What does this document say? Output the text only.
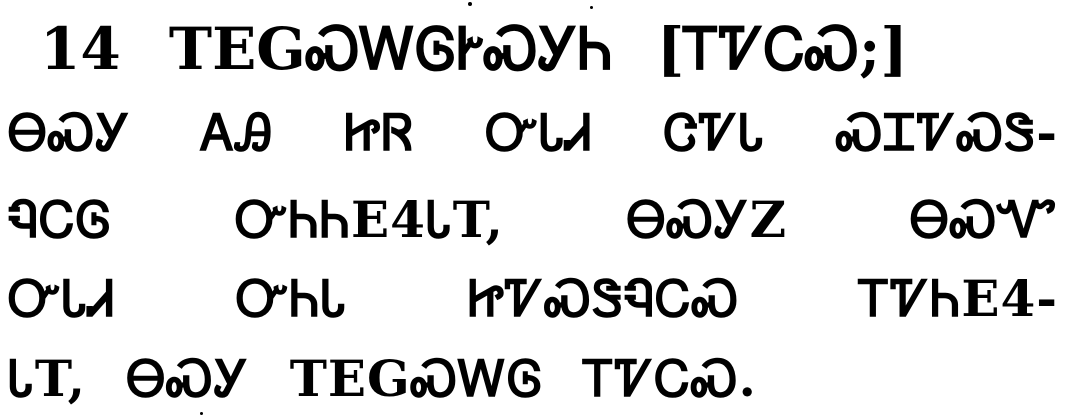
14 TEGᏍᎳᎶᎨᏍᎩᏂ [ᎢᏤᏟᏍ;]
ᎾᏍᎩ ᎪᎯ ᏥᏒ ᏅᏓᏗ ᏣᏤᏓ ᏍᏆᏤᏍᏕ-
ᏄᏟᎶ ᏅᏂᏂE4ᏓT, ᎾᏍᎩZ ᎾᏍᏉ
ᏅᏓᏗ ᏅᏂᏓ ᏥᏤᏍᏕᏄᏟᏍ ᎢᏤᏂE4-
ᏓT, ᎾᏍᎩ TEGᏍᎳᎶ ᎢᏤᏟᏍ.
